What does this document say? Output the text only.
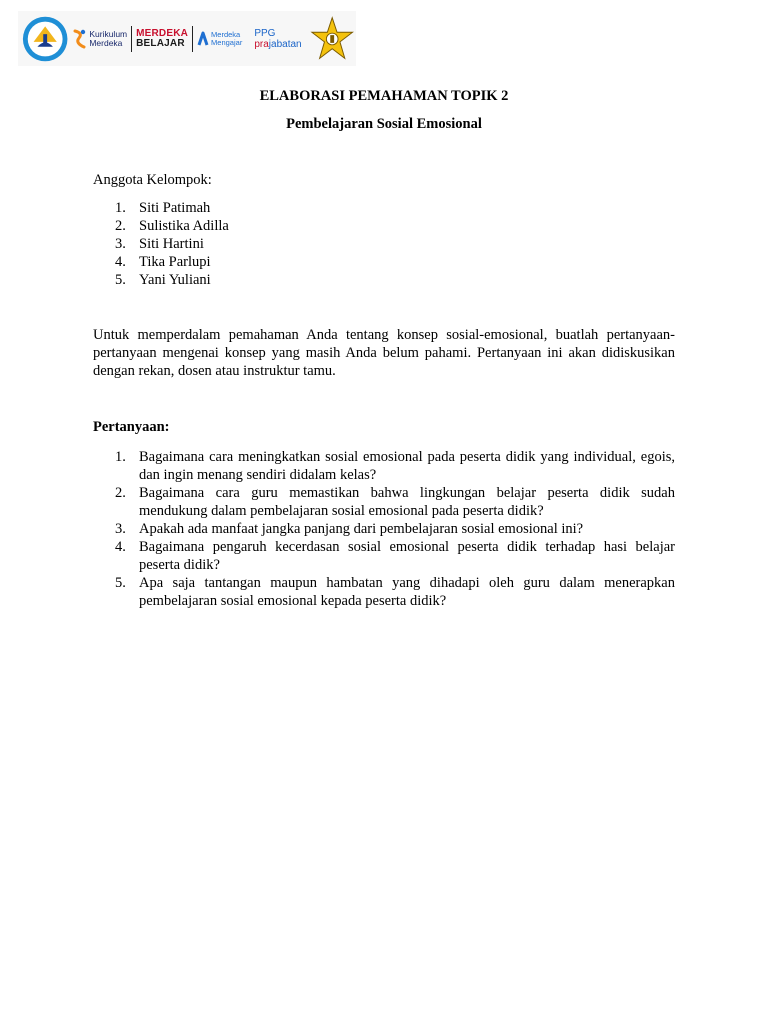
Kurikulum
Merdeka
MERDEKA
BELAJAR
Merdeka
Mengajar
PPG
prajabatan
ELABORASI PEMAHAMAN TOPIK 2
Pembelajaran Sosial Emosional
Anggota Kelompok:
1. Siti Patimah
2. Sulistika Adilla
3. Siti Hartini
4. Tika Parlupi
5. Yani Yuliani
Untuk memperdalam pemahaman Anda tentang konsep sosial-emosional, buatlah pertanyaan-pertanyaan mengenai konsep yang masih Anda belum pahami. Pertanyaan ini akan didiskusikan dengan rekan, dosen atau instruktur tamu.
Pertanyaan:
1. Bagaimana cara meningkatkan sosial emosional pada peserta didik yang individual, egois, dan ingin menang sendiri didalam kelas?
2. Bagaimana cara guru memastikan bahwa lingkungan belajar peserta didik sudah mendukung dalam pembelajaran sosial emosional pada peserta didik?
3. Apakah ada manfaat jangka panjang dari pembelajaran sosial emosional ini?
4. Bagaimana pengaruh kecerdasan sosial emosional peserta didik terhadap hasi belajar peserta didik?
5. Apa saja tantangan maupun hambatan yang dihadapi oleh guru dalam menerapkan pembelajaran sosial emosional kepada peserta didik?
